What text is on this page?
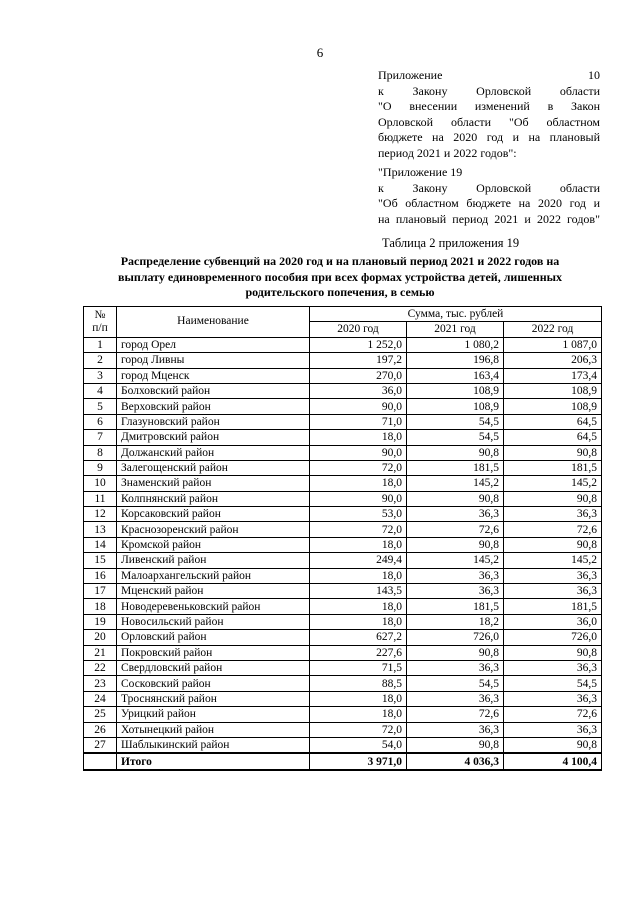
6
Приложение 10
к Закону Орловской области
"О внесении изменений в Закон
Орловской области "Об областном
бюджете на 2020 год и на плановый
период 2021 и 2022 годов":
"Приложение 19
к Закону Орловской области
"Об областном бюджете на 2020 год и
на плановый период 2021 и 2022 годов"
Таблица 2 приложения 19
Распределение субвенций на 2020 год и на плановый период 2021 и 2022 годов на
выплату единовременного пособия при всех формах устройства детей, лишенных
родительского попечения, в семью
№
п/п	Наименование	Сумма, тыс. рублей		
		2020 год	2021 год	2022 год
1	город Орел	1 252,0	1 080,2	1 087,0
2	город Ливны	197,2	196,8	206,3
3	город Мценск	270,0	163,4	173,4
4	Болховский район	36,0	108,9	108,9
5	Верховский район	90,0	108,9	108,9
6	Глазуновский район	71,0	54,5	64,5
7	Дмитровский район	18,0	54,5	64,5
8	Должанский район	90,0	90,8	90,8
9	Залегощенский район	72,0	181,5	181,5
10	Знаменский район	18,0	145,2	145,2
11	Колпнянский район	90,0	90,8	90,8
12	Корсаковский район	53,0	36,3	36,3
13	Краснозоренский район	72,0	72,6	72,6
14	Кромской район	18,0	90,8	90,8
15	Ливенский район	249,4	145,2	145,2
16	Малоархангельский район	18,0	36,3	36,3
17	Мценский район	143,5	36,3	36,3
18	Новодеревеньковский район	18,0	181,5	181,5
19	Новосильский район	18,0	18,2	36,0
20	Орловский район	627,2	726,0	726,0
21	Покровский район	227,6	90,8	90,8
22	Свердловский район	71,5	36,3	36,3
23	Сосковский район	88,5	54,5	54,5
24	Троснянский район	18,0	36,3	36,3
25	Урицкий район	18,0	72,6	72,6
26	Хотынецкий район	72,0	36,3	36,3
27	Шаблыкинский район	54,0	90,8	90,8
	Итого	3 971,0	4 036,3	4 100,4
